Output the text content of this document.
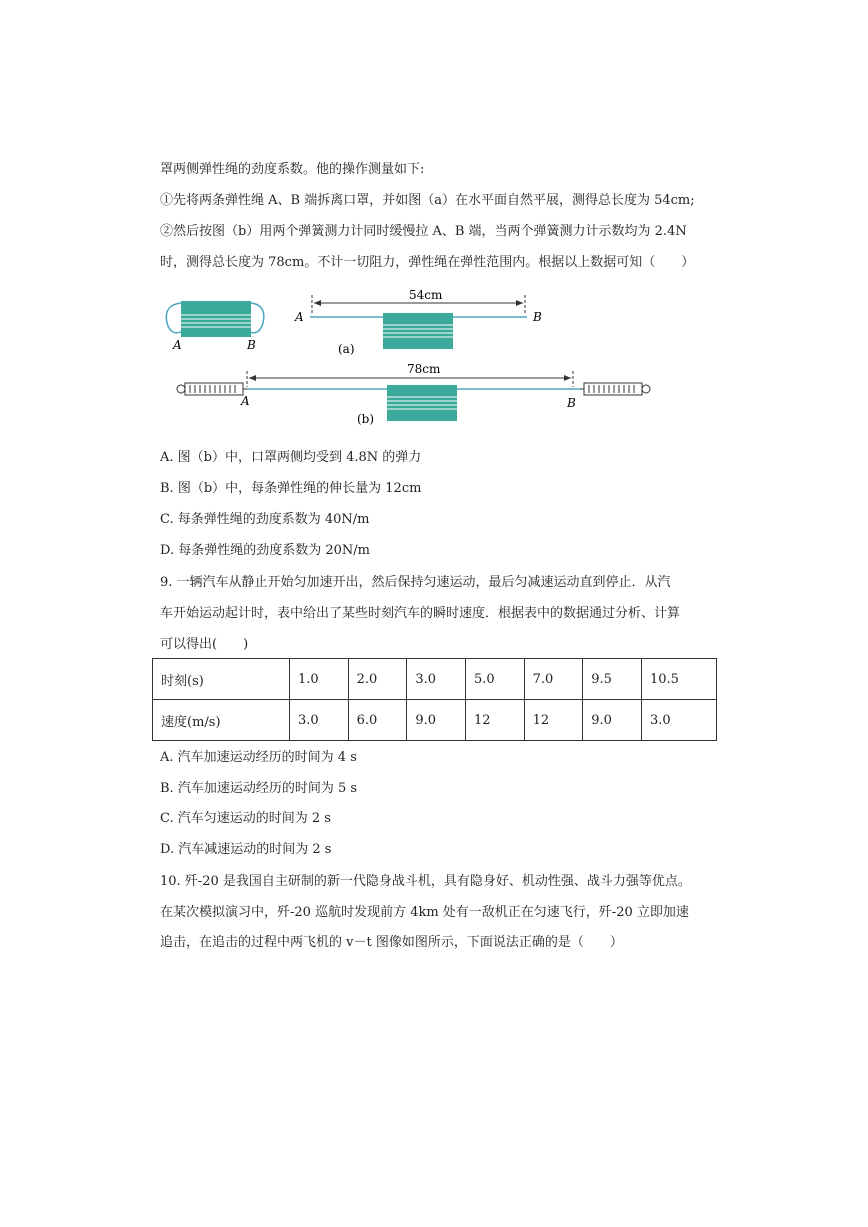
罩两侧弹性绳的劲度系数。他的操作测量如下:
①先将两条弹性绳 A、B 端拆离口罩，并如图（a）在水平面自然平展，测得总长度为 54cm;
②然后按图（b）用两个弹簧测力计同时缓慢拉 A、B 端，当两个弹簧测力计示数均为 2.4N
时，测得总长度为 78cm。不计一切阻力，弹性绳在弹性范围内。根据以上数据可知（　　）
A	B
A	B
54cm
(a)
78cm
A	B
(b)
A. 图（b）中，口罩两侧均受到 4.8N 的弹力
B. 图（b）中，每条弹性绳的伸长量为 12cm
C. 每条弹性绳的劲度系数为 40N/m
D. 每条弹性绳的劲度系数为 20N/m
9. 一辆汽车从静止开始匀加速开出，然后保持匀速运动，最后匀减速运动直到停止．从汽
车开始运动起计时，表中给出了某些时刻汽车的瞬时速度．根据表中的数据通过分析、计算
可以得出(　　)
时刻(s)	1.0	2.0	3.0	5.0	7.0	9.5	10.5
速度(m/s)	3.0	6.0	9.0	12	12	9.0	3.0
A. 汽车加速运动经历的时间为 4 s
B. 汽车加速运动经历的时间为 5 s
C. 汽车匀速运动的时间为 2 s
D. 汽车减速运动的时间为 2 s
10. 歼-20 是我国自主研制的新一代隐身战斗机，具有隐身好、机动性强、战斗力强等优点。
在某次模拟演习中，歼-20 巡航时发现前方 4km 处有一敌机正在匀速飞行，歼-20 立即加速
追击，在追击的过程中两飞机的 v－t 图像如图所示，下面说法正确的是（　　）
